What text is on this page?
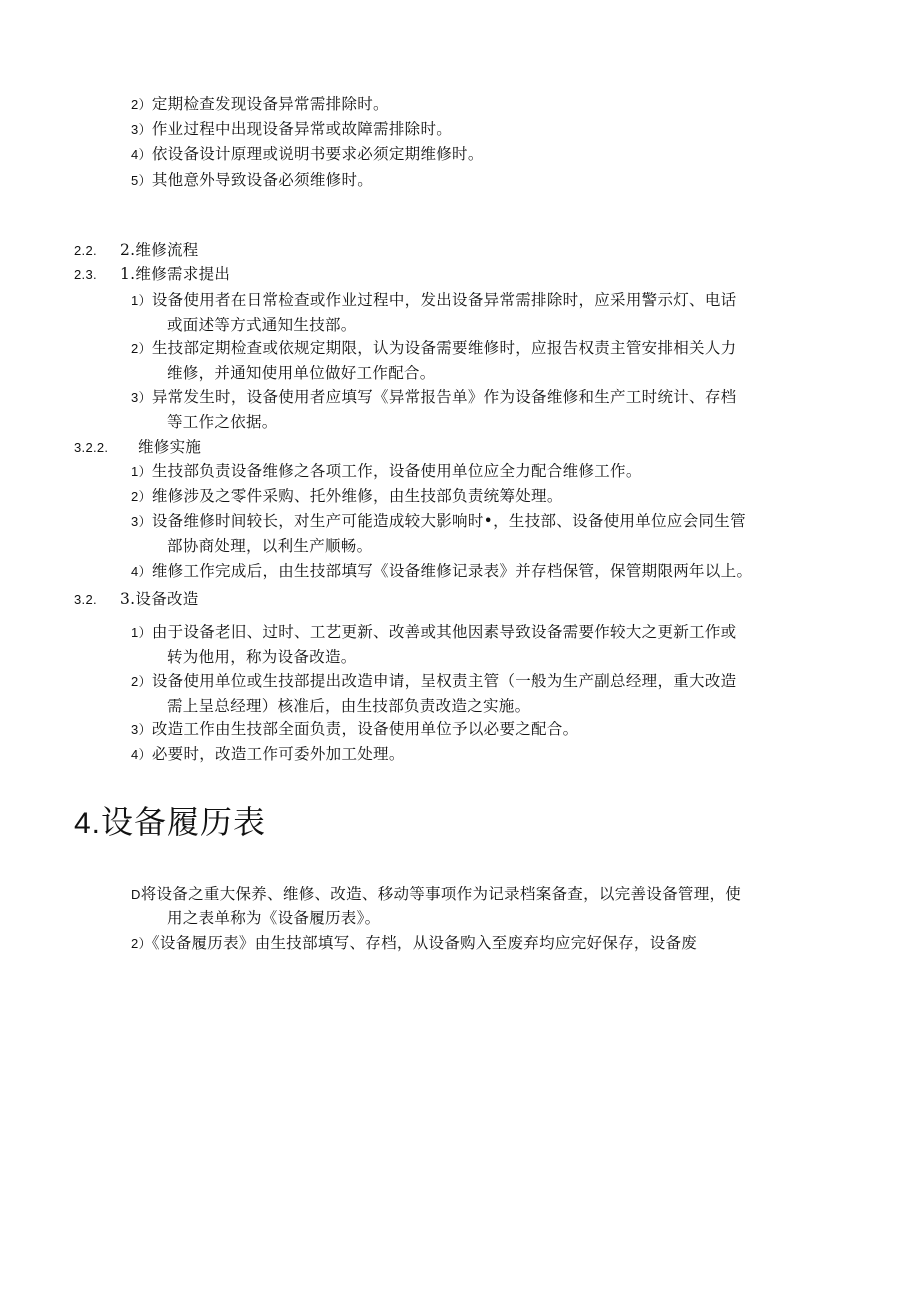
2）定期检查发现设备异常需排除时。
3）作业过程中出现设备异常或故障需排除时。
4）依设备设计原理或说明书要求必须定期维修时。
5）其他意外导致设备必须维修时。
2.2. 2.维修流程
2.3. 1.维修需求提出
1）设备使用者在日常检查或作业过程中，发出设备异常需排除时，应采用警示灯、电话
或面述等方式通知生技部。
2）生技部定期检查或依规定期限，认为设备需要维修时，应报告权责主管安排相关人力
维修，并通知使用单位做好工作配合。
3）异常发生时，设备使用者应填写《异常报告单》作为设备维修和生产工时统计、存档
等工作之依据。
3.2.2. 维修实施
1）生技部负责设备维修之各项工作，设备使用单位应全力配合维修工作。
2）维修涉及之零件采购、托外维修，由生技部负责统筹处理。
3）设备维修时间较长，对生产可能造成较大影响时•，生技部、设备使用单位应会同生管
部协商处理，以利生产顺畅。
4）维修工作完成后，由生技部填写《设备维修记录表》并存档保管，保管期限两年以上。
3.2. 3.设备改造
1）由于设备老旧、过时、工艺更新、改善或其他因素导致设备需要作较大之更新工作或
转为他用，称为设备改造。
2）设备使用单位或生技部提出改造申请，呈权责主管（一般为生产副总经理，重大改造
需上呈总经理）核准后，由生技部负责改造之实施。
3）改造工作由生技部全面负责，设备使用单位予以必要之配合。
4）必要时，改造工作可委外加工处理。
4.设备履历表
D将设备之重大保养、维修、改造、移动等事项作为记录档案备查，以完善设备管理，使
用之表单称为《设备履历表》。
2）《设备履历表》由生技部填写、存档，从设备购入至废弃均应完好保存，设备废
